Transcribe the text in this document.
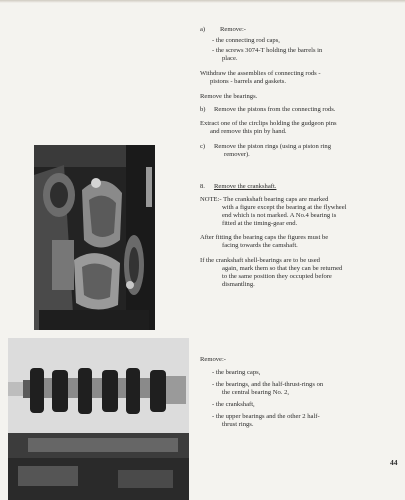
a) Remove:-
- the connecting rod caps,
- the screws 3074-T holding the barrels in
place.
Withdraw the assemblies of connecting rods -
pistons - barrels and gaskets.
Remove the bearings.
b) Remove the pistons from the connecting rods.
Extract one of the circlips holding the gudgeon pins
and remove this pin by hand.
c) Remove the piston rings (using a piston ring
remover).
8. Remove the crankshaft.
NOTE:- The crankshaft bearing caps are marked
with a figure except the bearing at the flywheel
end which is not marked. A No.4 bearing is
fitted at the timing-gear end.
After fitting the bearing caps the figures must be
facing towards the camshaft.
If the crankshaft shell-bearings are to be used
again, mark them so that they can be returned
to the same position they occupied before
dismantling.
Remove:-
- the bearing caps,
- the bearings, and the half-thrust-rings on
the central bearing No. 2,
- the crankshaft,
- the upper bearings and the other 2 half-
thrust rings.
44
